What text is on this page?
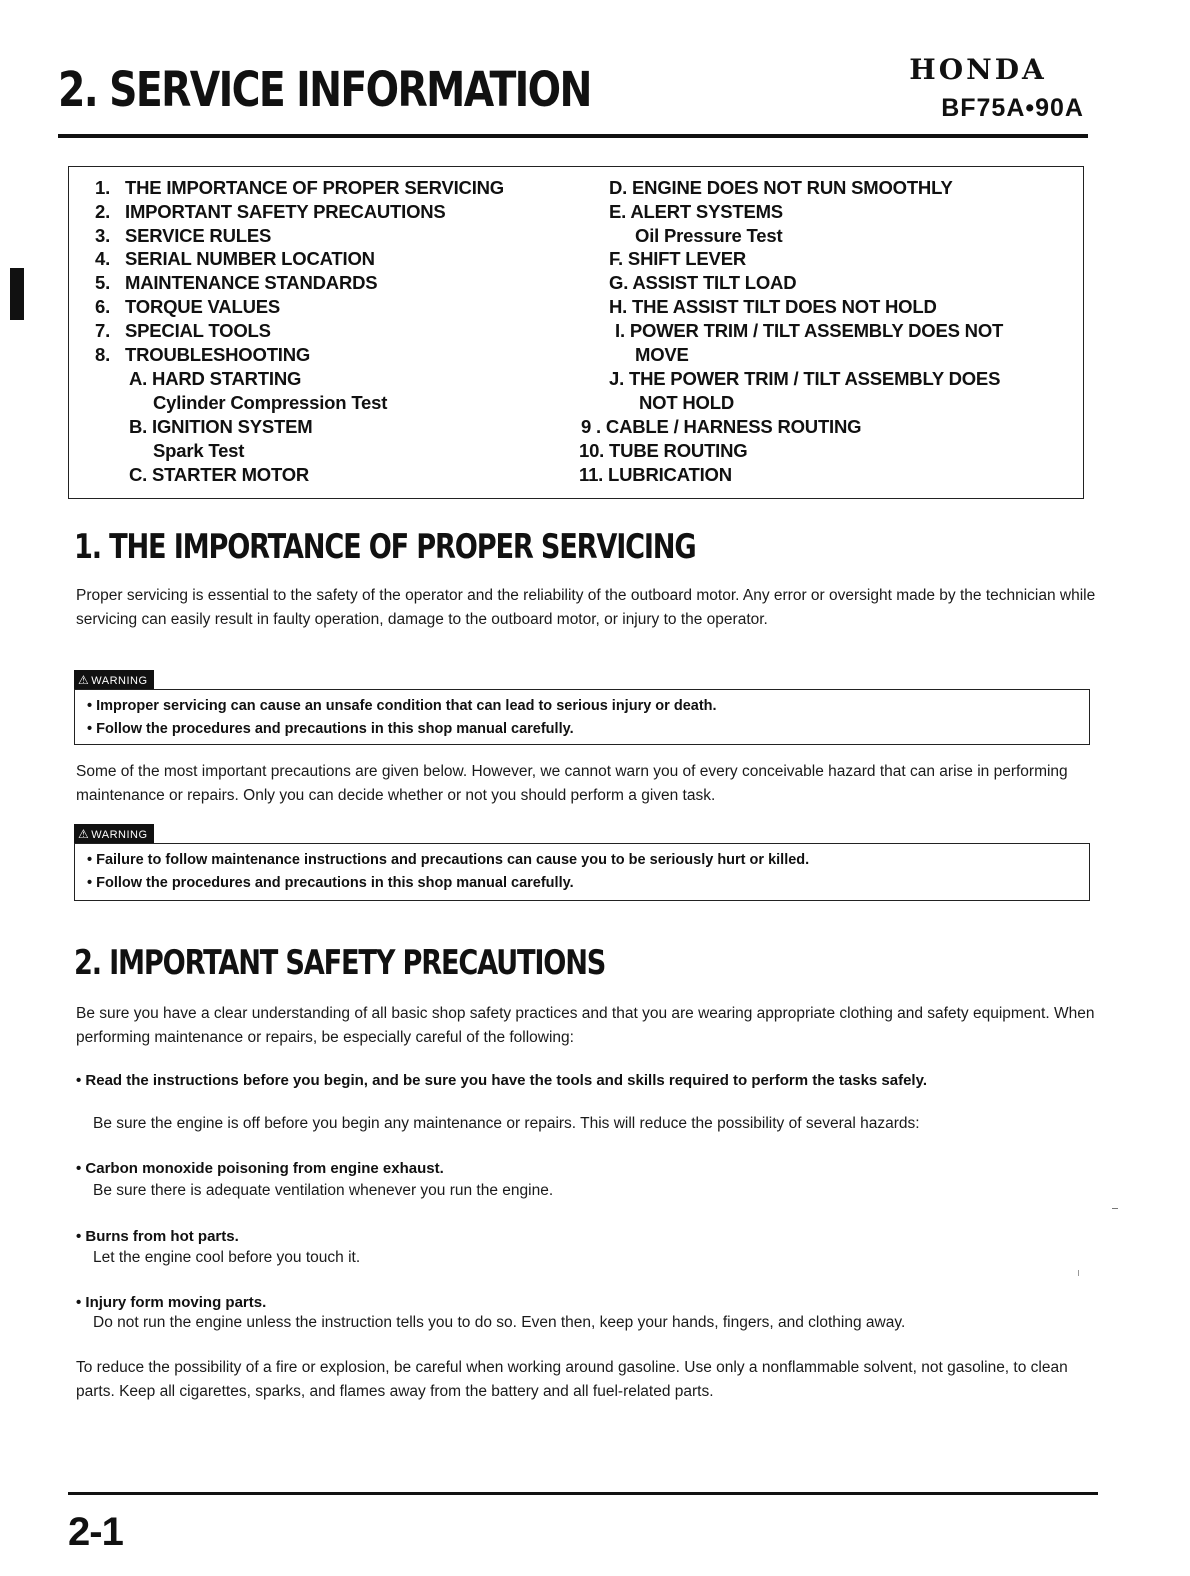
2. SERVICE INFORMATION	HONDA
BF75A•90A
1. THE IMPORTANCE OF PROPER SERVICING
2. IMPORTANT SAFETY PRECAUTIONS
3. SERVICE RULES
4. SERIAL NUMBER LOCATION
5. MAINTENANCE STANDARDS
6. TORQUE VALUES
7. SPECIAL TOOLS
8. TROUBLESHOOTING
A. HARD STARTING
Cylinder Compression Test
B. IGNITION SYSTEM
Spark Test
C. STARTER MOTOR
D. ENGINE DOES NOT RUN SMOOTHLY
E. ALERT SYSTEMS
Oil Pressure Test
F. SHIFT LEVER
G. ASSIST TILT LOAD
H. THE ASSIST TILT DOES NOT HOLD
I. POWER TRIM / TILT ASSEMBLY DOES NOT
MOVE
J. THE POWER TRIM / TILT ASSEMBLY DOES
NOT HOLD
9 . CABLE / HARNESS ROUTING
10. TUBE ROUTING
11. LUBRICATION
1. THE IMPORTANCE OF PROPER SERVICING
Proper servicing is essential to the safety of the operator and the reliability of the outboard motor. Any error or oversight made by the technician while servicing can easily result in faulty operation, damage to the outboard motor, or injury to the operator.
⚠ WARNING
• Improper servicing can cause an unsafe condition that can lead to serious injury or death.
• Follow the procedures and precautions in this shop manual carefully.
Some of the most important precautions are given below. However, we cannot warn you of every conceivable hazard that can arise in performing maintenance or repairs. Only you can decide whether or not you should perform a given task.
⚠ WARNING
• Failure to follow maintenance instructions and precautions can cause you to be seriously hurt or killed.
• Follow the procedures and precautions in this shop manual carefully.
2. IMPORTANT SAFETY PRECAUTIONS
Be sure you have a clear understanding of all basic shop safety practices and that you are wearing appropriate clothing and safety equipment. When performing maintenance or repairs, be especially careful of the following:
• Read the instructions before you begin, and be sure you have the tools and skills required to perform the tasks safely.
Be sure the engine is off before you begin any maintenance or repairs. This will reduce the possibility of several hazards:
• Carbon monoxide poisoning from engine exhaust.
Be sure there is adequate ventilation whenever you run the engine.
• Burns from hot parts.
Let the engine cool before you touch it.
• Injury form moving parts.
Do not run the engine unless the instruction tells you to do so. Even then, keep your hands, fingers, and clothing away.
To reduce the possibility of a fire or explosion, be careful when working around gasoline. Use only a nonflammable solvent, not gasoline, to clean parts. Keep all cigarettes, sparks, and flames away from the battery and all fuel-related parts.
2-1
